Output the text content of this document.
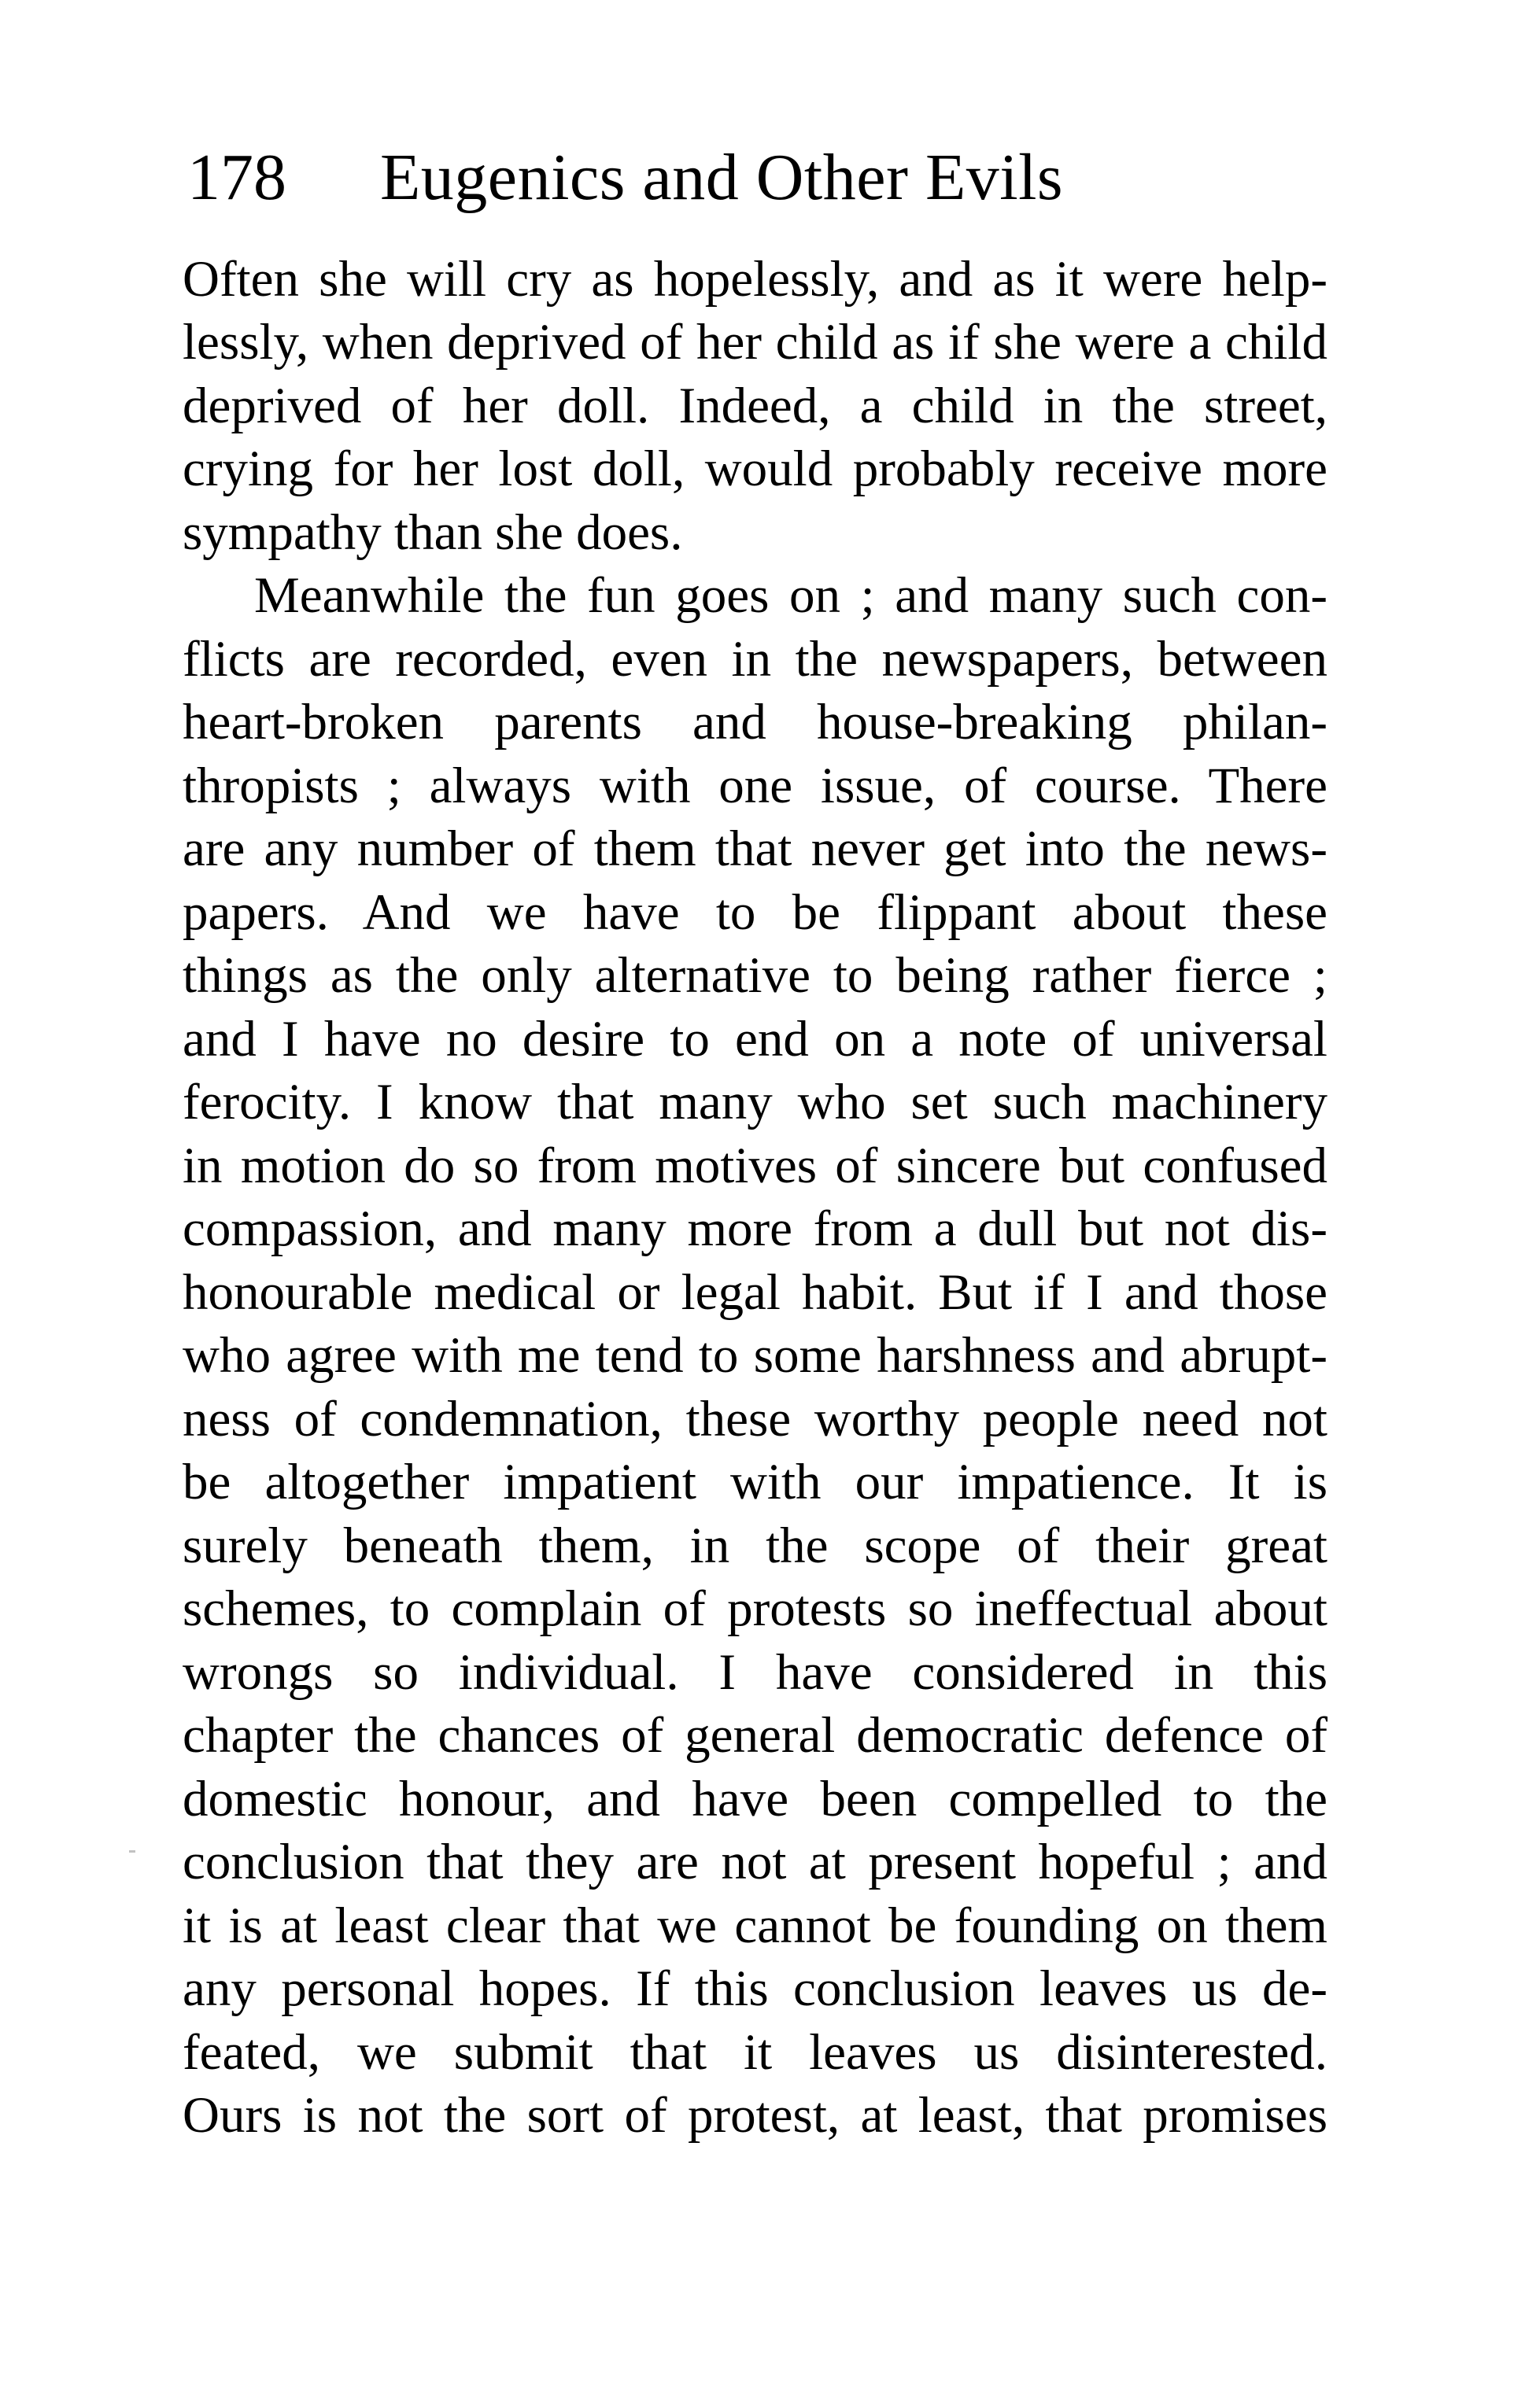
178 Eugenics and Other Evils
Often she will cry as hopelessly, and as it were help-
lessly, when deprived of her child as if she were a child
deprived of her doll. Indeed, a child in the street,
crying for her lost doll, would probably receive more
sympathy than she does.
Meanwhile the fun goes on ; and many such con-
flicts are recorded, even in the newspapers, between
heart-broken parents and house-breaking philan-
thropists ; always with one issue, of course. There
are any number of them that never get into the news-
papers. And we have to be flippant about these
things as the only alternative to being rather fierce ;
and I have no desire to end on a note of universal
ferocity. I know that many who set such machinery
in motion do so from motives of sincere but confused
compassion, and many more from a dull but not dis-
honourable medical or legal habit. But if I and those
who agree with me tend to some harshness and abrupt-
ness of condemnation, these worthy people need not
be altogether impatient with our impatience. It is
surely beneath them, in the scope of their great
schemes, to complain of protests so ineffectual about
wrongs so individual. I have considered in this
chapter the chances of general democratic defence of
domestic honour, and have been compelled to the
conclusion that they are not at present hopeful ; and
it is at least clear that we cannot be founding on them
any personal hopes. If this conclusion leaves us de-
feated, we submit that it leaves us disinterested.
Ours is not the sort of protest, at least, that promises
